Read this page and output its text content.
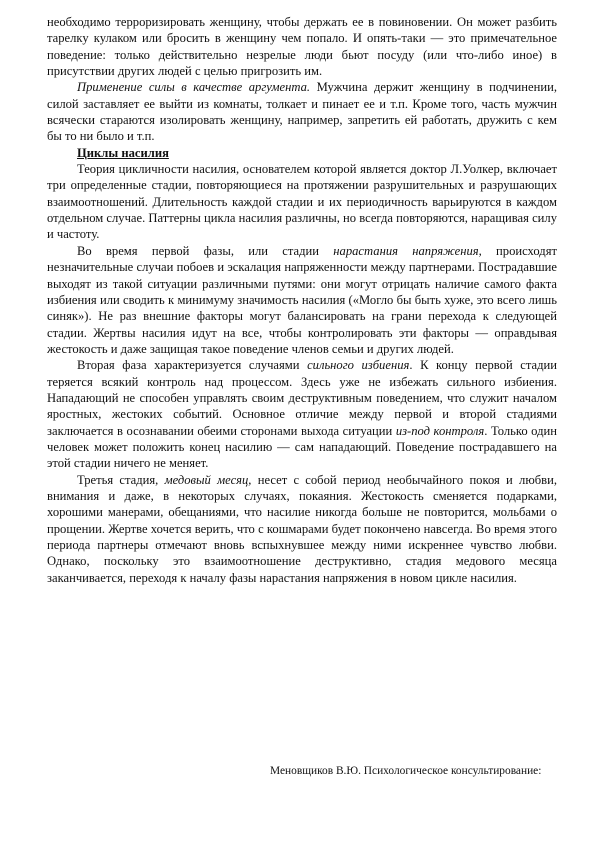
необходимо терроризировать женщину, чтобы держать ее в повиновении. Он может разбить тарелку кулаком или бросить в женщину чем попало. И опять-таки — это примечательное поведение: только действительно незрелые люди бьют посуду (или что-либо иное) в присутствии других людей с целью пригрозить им.

Применение силы в качестве аргумента. Мужчина держит женщину в подчинении, силой заставляет ее выйти из комнаты, толкает и пинает ее и т.п. Кроме того, часть мужчин всячески стараются изолировать женщину, например, запретить ей работать, дружить с кем бы то ни было и т.п.

Циклы насилия

Теория цикличности насилия, основателем которой является доктор Л.Уолкер, включает три определенные стадии, повторяющиеся на протяжении разрушительных и разрушающих взаимоотношений. Длительность каждой стадии и их периодичность варьируются в каждом отдельном случае. Паттерны цикла насилия различны, но всегда повторяются, наращивая силу и частоту.

Во время первой фазы, или стадии нарастания напряжения, происходят незначительные случаи побоев и эскалация напряженности между партнерами. Пострадавшие выходят из такой ситуации различными путями: они могут отрицать наличие самого факта избиения или сводить к минимуму значимость насилия («Могло бы быть хуже, это всего лишь синяк»). Не раз внешние факторы могут балансировать на грани перехода к следующей стадии. Жертвы насилия идут на все, чтобы контролировать эти факторы — оправдывая жестокость и даже защищая такое поведение членов семьи и других людей.

Вторая фаза характеризуется случаями сильного избиения. К концу первой стадии теряется всякий контроль над процессом. Здесь уже не избежать сильного избиения. Нападающий не способен управлять своим деструктивным поведением, что служит началом яростных, жестоких событий. Основное отличие между первой и второй стадиями заключается в осознавании обеими сторонами выхода ситуации из-под контроля. Только один человек может положить конец насилию — сам нападающий. Поведение пострадавшего на этой стадии ничего не меняет.

Третья стадия, медовый месяц, несет с собой период необычайного покоя и любви, внимания и даже, в некоторых случаях, покаяния. Жестокость сменяется подарками, хорошими манерами, обещаниями, что насилие никогда больше не повторится, мольбами о прощении. Жертве хочется верить, что с кошмарами будет покончено навсегда. Во время этого периода партнеры отмечают вновь вспыхнувшее между ними искреннее чувство любви. Однако, поскольку это взаимоотношение деструктивно, стадия медового месяца заканчивается, переходя к началу фазы нарастания напряжения в новом цикле насилия.

Меновщиков В.Ю. Психологическое консультирование:
